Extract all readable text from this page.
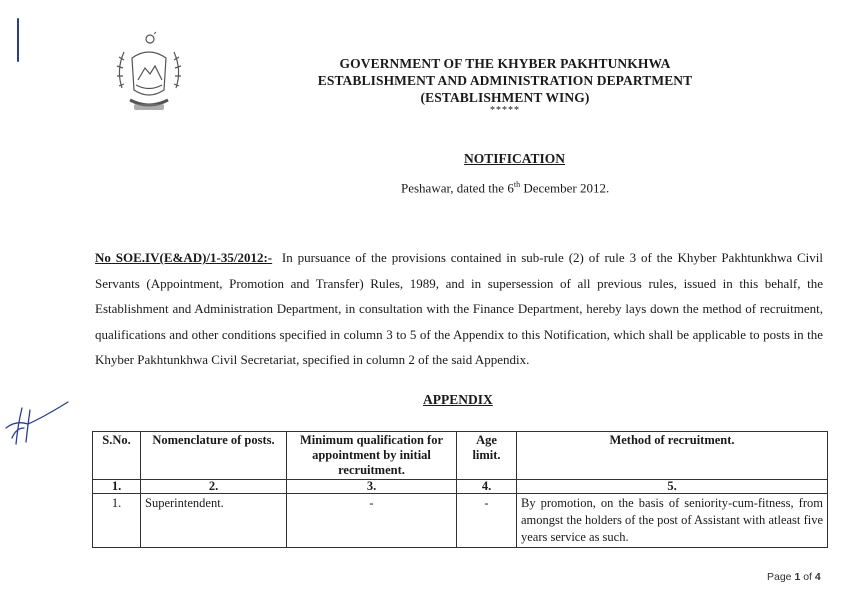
GOVERNMENT OF THE KHYBER PAKHTUNKHWA
ESTABLISHMENT AND ADMINISTRATION DEPARTMENT
(ESTABLISHMENT WING)
*****
NOTIFICATION
Peshawar, dated the 6th December 2012.
No SOE.IV(E&AD)/1-35/2012:- In pursuance of the provisions contained in sub-rule (2) of rule 3 of the Khyber Pakhtunkhwa Civil Servants (Appointment, Promotion and Transfer) Rules, 1989, and in supersession of all previous rules, issued in this behalf, the Establishment and Administration Department, in consultation with the Finance Department, hereby lays down the method of recruitment, qualifications and other conditions specified in column 3 to 5 of the Appendix to this Notification, which shall be applicable to posts in the Khyber Pakhtunkhwa Civil Secretariat, specified in column 2 of the said Appendix.
APPENDIX
S.No.	Nomenclature of posts.	Minimum qualification for appointment by initial recruitment.	Age limit.	Method of recruitment.
1.	2.	3.	4.	5.
1.	Superintendent.	-	-	By promotion, on the basis of seniority-cum-fitness, from amongst the holders of the post of Assistant with atleast five years service as such.
Page 1 of 4
